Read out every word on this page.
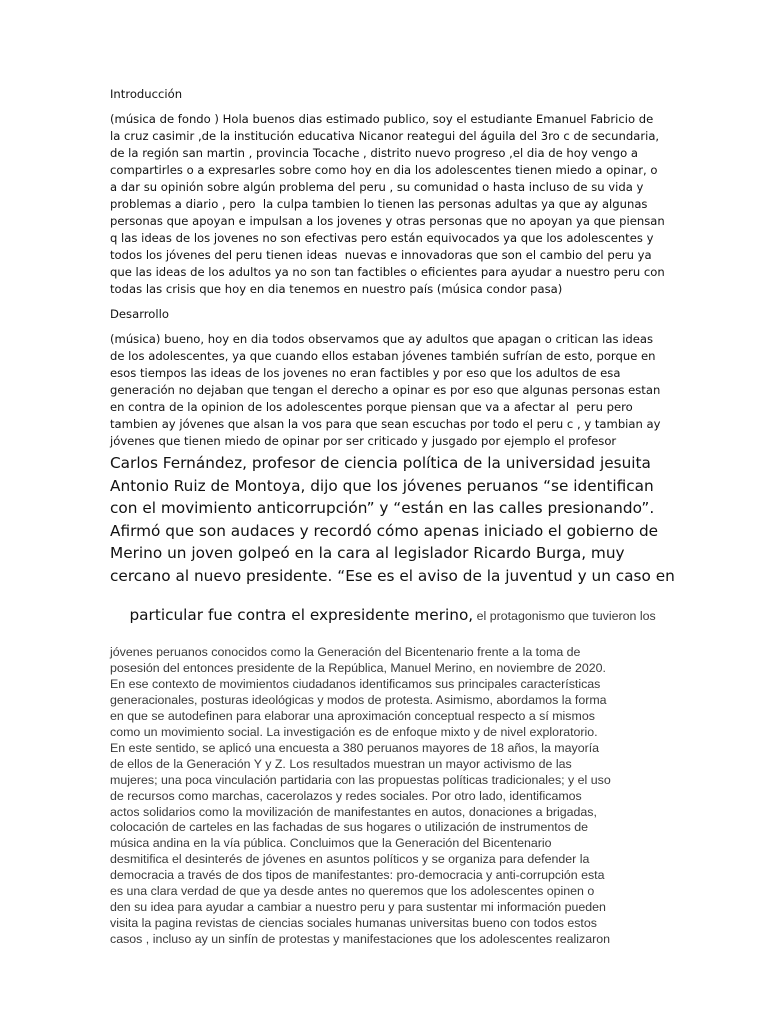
Introducción
(música de fondo ) Hola buenos dias estimado publico, soy el estudiante Emanuel Fabricio de
la cruz casimir ,de la institución educativa Nicanor reategui del águila del 3ro c de secundaria,
de la región san martin , provincia Tocache , distrito nuevo progreso ,el dia de hoy vengo a
compartirles o a expresarles sobre como hoy en dia los adolescentes tienen miedo a opinar, o
a dar su opinión sobre algún problema del peru , su comunidad o hasta incluso de su vida y
problemas a diario , pero  la culpa tambien lo tienen las personas adultas ya que ay algunas
personas que apoyan e impulsan a los jovenes y otras personas que no apoyan ya que piensan
q las ideas de los jovenes no son efectivas pero están equivocados ya que los adolescentes y
todos los jóvenes del peru tienen ideas  nuevas e innovadoras que son el cambio del peru ya
que las ideas de los adultos ya no son tan factibles o eficientes para ayudar a nuestro peru con
todas las crisis que hoy en dia tenemos en nuestro país (música condor pasa)
Desarrollo
(música) bueno, hoy en dia todos observamos que ay adultos que apagan o critican las ideas
de los adolescentes, ya que cuando ellos estaban jóvenes también sufrían de esto, porque en
esos tiempos las ideas de los jovenes no eran factibles y por eso que los adultos de esa
generación no dejaban que tengan el derecho a opinar es por eso que algunas personas estan
en contra de la opinion de los adolescentes porque piensan que va a afectar al  peru pero
tambien ay jóvenes que alsan la vos para que sean escuchas por todo el peru c , y tambian ay
jóvenes que tienen miedo de opinar por ser criticado y jusgado por ejemplo el profesor
Carlos Fernández, profesor de ciencia política de la universidad jesuita
Antonio Ruiz de Montoya, dijo que los jóvenes peruanos “se identifican
con el movimiento anticorrupción” y “están en las calles presionando”.
Afirmó que son audaces y recordó cómo apenas iniciado el gobierno de
Merino un joven golpeó en la cara al legislador Ricardo Burga, muy
cercano al nuevo presidente. “Ese es el aviso de la juventud y un caso en

particular fue contra el expresidente merino, el protagonismo que tuvieron los

jóvenes peruanos conocidos como la Generación del Bicentenario frente a la toma de
posesión del entonces presidente de la República, Manuel Merino, en noviembre de 2020.
En ese contexto de movimientos ciudadanos identificamos sus principales características
generacionales, posturas ideológicas y modos de protesta. Asimismo, abordamos la forma
en que se autodefinen para elaborar una aproximación conceptual respecto a sí mismos
como un movimiento social. La investigación es de enfoque mixto y de nivel exploratorio.
En este sentido, se aplicó una encuesta a 380 peruanos mayores de 18 años, la mayoría
de ellos de la Generación Y y Z. Los resultados muestran un mayor activismo de las
mujeres; una poca vinculación partidaria con las propuestas políticas tradicionales; y el uso
de recursos como marchas, cacerolazos y redes sociales. Por otro lado, identificamos
actos solidarios como la movilización de manifestantes en autos, donaciones a brigadas,
colocación de carteles en las fachadas de sus hogares o utilización de instrumentos de
música andina en la vía pública. Concluimos que la Generación del Bicentenario
desmitifica el desinterés de jóvenes en asuntos políticos y se organiza para defender la
democracia a través de dos tipos de manifestantes: pro-democracia y anti-corrupción esta
es una clara verdad de que ya desde antes no queremos que los adolescentes opinen o
den su idea para ayudar a cambiar a nuestro peru y para sustentar mi información pueden
visita la pagina revistas de ciencias sociales humanas universitas bueno con todos estos
casos , incluso ay un sinfín de protestas y manifestaciones que los adolescentes realizaron
